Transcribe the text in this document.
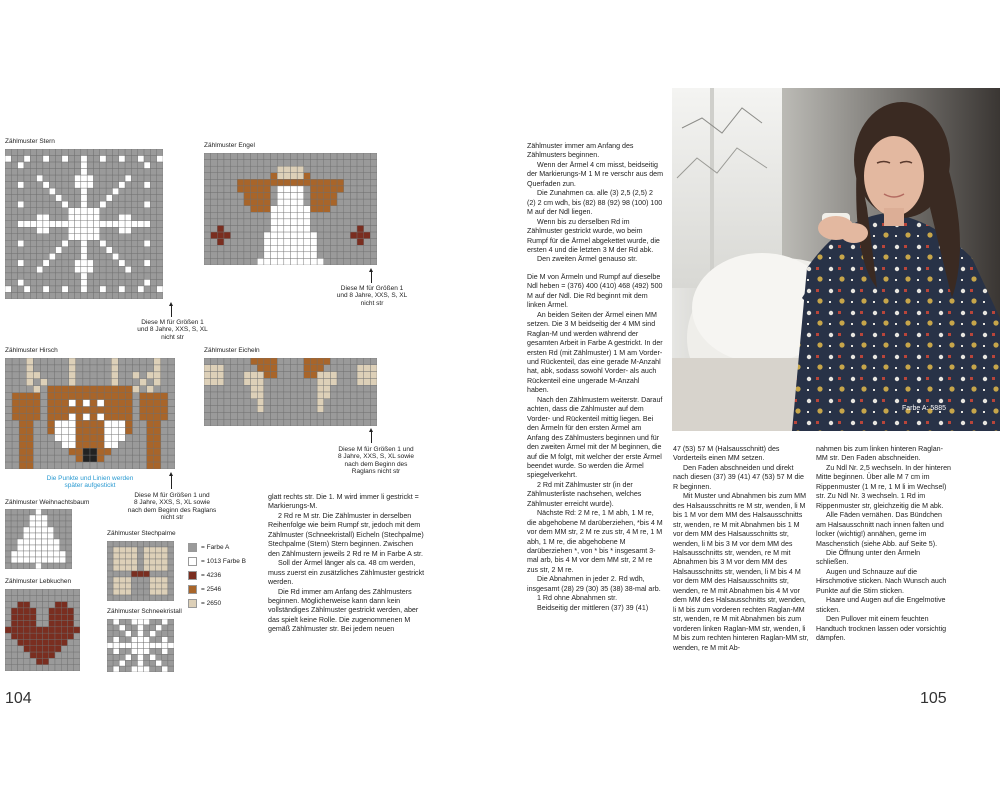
Zählmuster Stern
Zählmuster Engel
Diese M für Größen 1
und 8 Jahre, XXS, S, XL
nicht str
Diese M für Größen 1
und 8 Jahre, XXS, S, XL
nicht str
Zählmuster Hirsch	Zählmuster Eicheln
Diese M für Größen 1 und
8 Jahre, XXS, S, XL sowie
nach dem Beginn des
Raglans nicht str
Die Punkte und Linien werden
später aufgestickt
Diese M für Größen 1 und
8 Jahre, XXS, S, XL sowie
nach dem Beginn des Raglans
nicht str
Zählmuster Weihnachtsbaum
Zählmuster Stechpalme
Zählmuster Lebkuchen
Zählmuster Schneekristall
= Farbe A
= 1013 Farbe B
= 4236
= 2546
= 2650

glatt rechts str. Die 1. M wird immer li gestrickt = Markierungs-M.

2 Rd re M str. Die Zählmuster in derselben Reihenfolge wie beim Rumpf str, jedoch mit dem Zählmuster (Schneekristall) Eicheln (Stechpalme) Stechpalme (Stern) Stern beginnen. Zwischen den Zählmustern jeweils 2 Rd re M in Farbe A str.

Soll der Ärmel länger als ca. 48 cm werden, muss zuerst ein zusätzliches Zählmuster gestrickt werden.

Die Rd immer am Anfang des Zählmusters beginnen. Möglicherweise kann dann kein vollständiges Zählmuster gestrickt werden, aber das spielt keine Rolle. Die zugenommenen M gemäß Zählmuster str. Bei jedem neuen

104

Zählmuster immer am Anfang des Zählmusters beginnen.

Wenn der Ärmel 4 cm misst, beidseitig der Markierungs-M 1 M re verschr aus dem Querfaden zun.

Die Zunahmen ca. alle (3) 2,5 (2,5) 2 (2) 2 cm wdh, bis (82) 88 (92) 98 (100) 100 M auf der Ndl liegen.

Wenn bis zu derselben Rd im Zählmuster gestrickt wurde, wo beim Rumpf für die Ärmel abgekettet wurde, die ersten 4 und die letzten 3 M der Rd abk.

Den zweiten Ärmel genauso str.

Die M von Ärmeln und Rumpf auf dieselbe Ndl heben = (376) 400 (410) 468 (492) 500 M auf der Ndl. Die Rd beginnt mit dem linken Ärmel.

An beiden Seiten der Ärmel einen MM setzen. Die 3 M beidseitig der 4 MM sind Raglan-M und werden während der gesamten Arbeit in Farbe A gestrickt. In der ersten Rd (mit Zählmuster) 1 M am Vorder- und Rückenteil, das eine gerade M-Anzahl hat, abk, sodass sowohl Vorder- als auch Rückenteil eine ungerade M-Anzahl haben.

Nach den Zählmustern weiterstr. Darauf achten, dass die Zählmuster auf dem Vorder- und Rückenteil mittig liegen. Bei den Ärmeln für den ersten Ärmel am Anfang des Zählmusters beginnen und für den zweiten Ärmel mit der M beginnen, die auf die M folgt, mit welcher der erste Ärmel beendet wurde. So werden die Ärmel spiegelverkehrt.

2 Rd mit Zählmuster str (in der Zählmusterliste nachsehen, welches Zählmuster erreicht wurde).

Nächste Rd: 2 M re, 1 M abh, 1 M re, die abgehobene M darüberziehen, *bis 4 M vor dem MM str, 2 M re zus str, 4 M re, 1 M abh, 1 M re, die abgehobene M darüberziehen *, von * bis * insgesamt 3-mal arb, bis 4 M vor dem MM str, 2 M re zus str, 2 M re.

Die Abnahmen in jeder 2. Rd wdh, insgesamt (28) 29 (30) 35 (38) 38-mal arb.

1 Rd ohne Abnahmen str.

Beidseitig der mittleren (37) 39 (41)

47 (53) 57 M (Halsausschnitt) des Vorderteils einen MM setzen.

Den Faden abschneiden und direkt nach diesen (37) 39 (41) 47 (53) 57 M die R beginnen.

Mit Muster und Abnahmen bis zum MM des Halsausschnitts re M str, wenden, li M bis 1 M vor dem MM des Halsausschnitts str, wenden, re M mit Abnahmen bis 1 M vor dem MM des Halsausschnitts str, wenden, li M bis 3 M vor dem MM des Halsausschnitts str, wenden, re M mit Abnahmen bis 3 M vor dem MM des Halsausschnitts str, wenden, li M bis 4 M vor dem MM des Halsausschnitts str, wenden, re M mit Abnahmen bis 4 M vor dem MM des Halsausschnitts str, wenden, li M bis zum vorderen rechten Raglan-MM str, wenden, re M mit Abnahmen bis zum vorderen linken Raglan-MM str, wenden, li M bis zum rechten hinteren Raglan-MM str, wenden, re M mit Ab-

nahmen bis zum linken hinteren Raglan-MM str. Den Faden abschneiden.

Zu Ndl Nr. 2,5 wechseln. In der hinteren Mitte beginnen. Über alle M 7 cm im Rippenmuster (1 M re, 1 M li im Wechsel) str. Zu Ndl Nr. 3 wechseln. 1 Rd im Rippenmuster str, gleichzeitig die M abk.

Alle Fäden vernähen. Das Bündchen am Halsausschnitt nach innen falten und locker (wichtig!) annähen, gerne im Maschenstich (siehe Abb. auf Seite 5).

Die Öffnung unter den Ärmeln schließen.

Augen und Schnauze auf die Hirschmotive sticken. Nach Wunsch auch Punkte auf die Stirn sticken.

Haare und Augen auf die Engelmotive sticken.

Den Pullover mit einem feuchten Handtuch trocknen lassen oder vorsichtig dämpfen.

105
Farbe A: 5885
